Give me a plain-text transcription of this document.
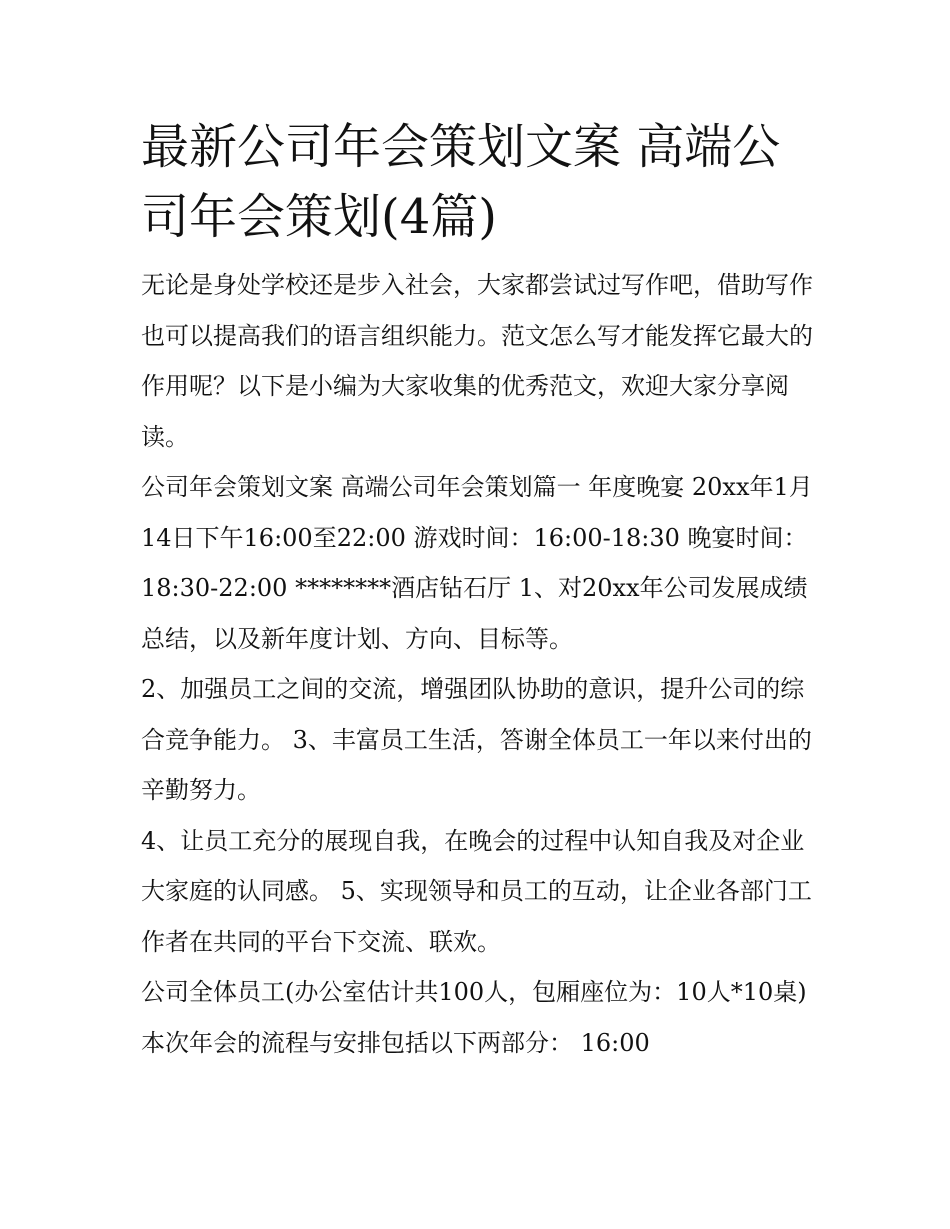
最新公司年会策划文案 高端公司年会策划(4篇)

无论是身处学校还是步入社会，大家都尝试过写作吧，借助写作也可以提高我们的语言组织能力。范文怎么写才能发挥它最大的作用呢？以下是小编为大家收集的优秀范文，欢迎大家分享阅读。

公司年会策划文案 高端公司年会策划篇一 年度晚宴 20xx年1月14日下午16:00至22:00 游戏时间：16:00-18:30 晚宴时间：18:30-22:00 ********酒店钻石厅 1、对20xx年公司发展成绩总结，以及新年度计划、方向、目标等。

2、加强员工之间的交流，增强团队协助的意识，提升公司的综合竞争能力。 3、丰富员工生活，答谢全体员工一年以来付出的辛勤努力。

4、让员工充分的展现自我，在晚会的过程中认知自我及对企业大家庭的认同感。 5、实现领导和员工的互动，让企业各部门工作者在共同的平台下交流、联欢。

公司全体员工(办公室估计共100人，包厢座位为：10人*10桌) 本次年会的流程与安排包括以下两部分： 16:00
